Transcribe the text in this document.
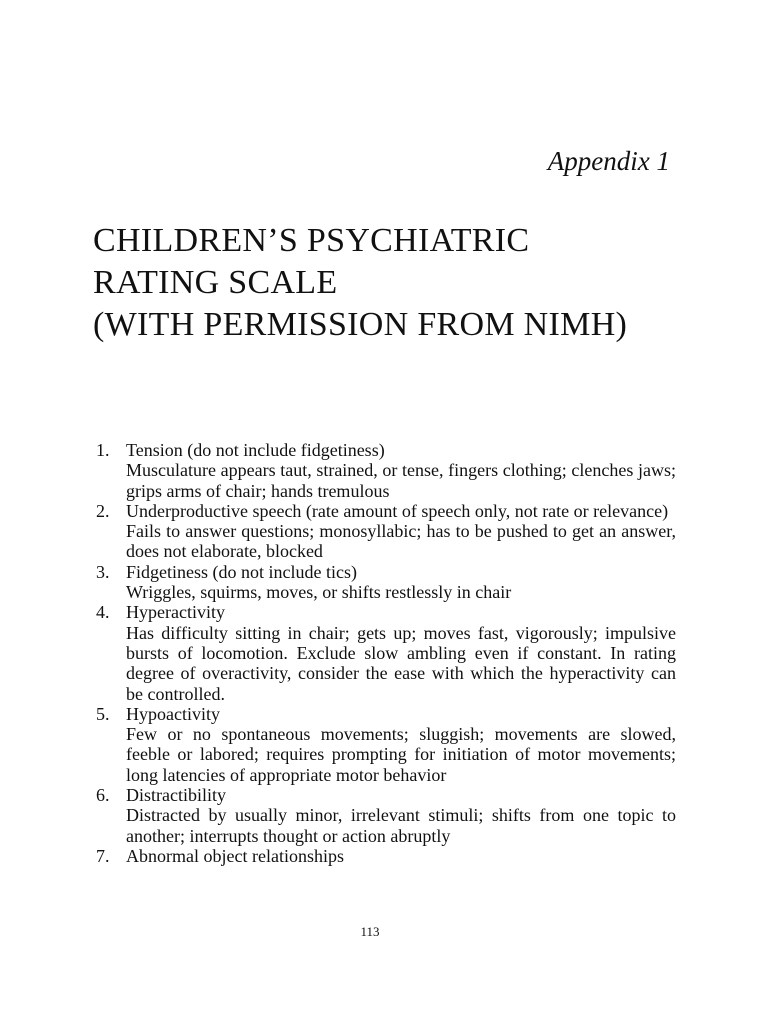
Appendix 1
CHILDREN’S PSYCHIATRIC
RATING SCALE
(WITH PERMISSION FROM NIMH)
1. Tension (do not include fidgetiness)
Musculature appears taut, strained, or tense, fingers clothing; clenches jaws; grips arms of chair; hands tremulous
2. Underproductive speech (rate amount of speech only, not rate or relevance)
Fails to answer questions; monosyllabic; has to be pushed to get an answer, does not elaborate, blocked
3. Fidgetiness (do not include tics)
Wriggles, squirms, moves, or shifts restlessly in chair
4. Hyperactivity
Has difficulty sitting in chair; gets up; moves fast, vigorously; impulsive bursts of locomotion. Exclude slow ambling even if constant. In rating degree of overactivity, consider the ease with which the hyperactivity can be controlled.
5. Hypoactivity
Few or no spontaneous movements; sluggish; movements are slowed, feeble or labored; requires prompting for initiation of motor movements; long latencies of appropriate motor behavior
6. Distractibility
Distracted by usually minor, irrelevant stimuli; shifts from one topic to another; interrupts thought or action abruptly
7. Abnormal object relationships
113
